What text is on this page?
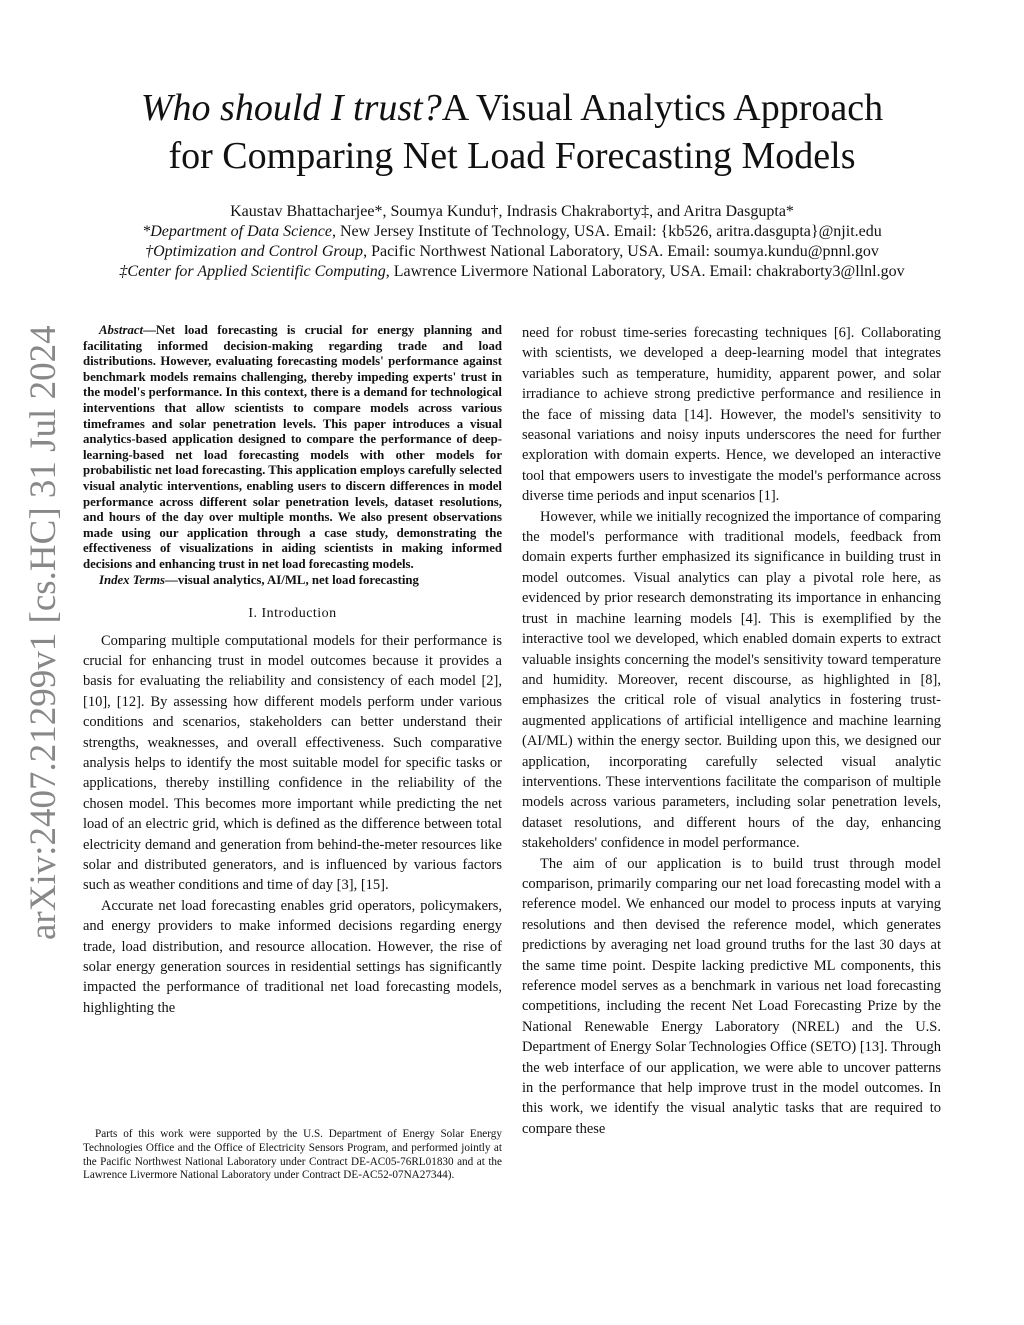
Who should I trust?A Visual Analytics Approach
for Comparing Net Load Forecasting Models
Kaustav Bhattacharjee*, Soumya Kundu†, Indrasis Chakraborty‡, and Aritra Dasgupta*
*Department of Data Science, New Jersey Institute of Technology, USA. Email: {kb526, aritra.dasgupta}@njit.edu
†Optimization and Control Group, Pacific Northwest National Laboratory, USA. Email: soumya.kundu@pnnl.gov
‡Center for Applied Scientific Computing, Lawrence Livermore National Laboratory, USA. Email: chakraborty3@llnl.gov
arXiv:2407.21299v1 [cs.HC] 31 Jul 2024	Abstract—Net load forecasting is crucial for energy planning and facilitating informed decision-making regarding trade and load distributions. However, evaluating forecasting models' performance against benchmark models remains challenging, thereby impeding experts' trust in the model's performance. In this context, there is a demand for technological interventions that allow scientists to compare models across various timeframes and solar penetration levels. This paper introduces a visual analytics-based application designed to compare the performance of deep-learning-based net load forecasting models with other models for probabilistic net load forecasting. This application employs carefully selected visual analytic interventions, enabling users to discern differences in model performance across different solar penetration levels, dataset resolutions, and hours of the day over multiple months. We also present observations made using our application through a case study, demonstrating the effectiveness of visualizations in aiding scientists in making informed decisions and enhancing trust in net load forecasting models.

Index Terms—visual analytics, AI/ML, net load forecasting

I. Introduction

Comparing multiple computational models for their performance is crucial for enhancing trust in model outcomes because it provides a basis for evaluating the reliability and consistency of each model [2], [10], [12]. By assessing how different models perform under various conditions and scenarios, stakeholders can better understand their strengths, weaknesses, and overall effectiveness. Such comparative analysis helps to identify the most suitable model for specific tasks or applications, thereby instilling confidence in the reliability of the chosen model. This becomes more important while predicting the net load of an electric grid, which is defined as the difference between total electricity demand and generation from behind-the-meter resources like solar and distributed generators, and is influenced by various factors such as weather conditions and time of day [3], [15].

Accurate net load forecasting enables grid operators, policymakers, and energy providers to make informed decisions regarding energy trade, load distribution, and resource allocation. However, the rise of solar energy generation sources in residential settings has significantly impacted the performance of traditional net load forecasting models, highlighting the

Parts of this work were supported by the U.S. Department of Energy Solar Energy Technologies Office and the Office of Electricity Sensors Program, and performed jointly at the Pacific Northwest National Laboratory under Contract DE-AC05-76RL01830 and at the Lawrence Livermore National Laboratory under Contract DE-AC52-07NA27344).

need for robust time-series forecasting techniques [6]. Collaborating with scientists, we developed a deep-learning model that integrates variables such as temperature, humidity, apparent power, and solar irradiance to achieve strong predictive performance and resilience in the face of missing data [14]. However, the model's sensitivity to seasonal variations and noisy inputs underscores the need for further exploration with domain experts. Hence, we developed an interactive tool that empowers users to investigate the model's performance across diverse time periods and input scenarios [1].

However, while we initially recognized the importance of comparing the model's performance with traditional models, feedback from domain experts further emphasized its significance in building trust in model outcomes. Visual analytics can play a pivotal role here, as evidenced by prior research demonstrating its importance in enhancing trust in machine learning models [4]. This is exemplified by the interactive tool we developed, which enabled domain experts to extract valuable insights concerning the model's sensitivity toward temperature and humidity. Moreover, recent discourse, as highlighted in [8], emphasizes the critical role of visual analytics in fostering trust-augmented applications of artificial intelligence and machine learning (AI/ML) within the energy sector. Building upon this, we designed our application, incorporating carefully selected visual analytic interventions. These interventions facilitate the comparison of multiple models across various parameters, including solar penetration levels, dataset resolutions, and different hours of the day, enhancing stakeholders' confidence in model performance.

The aim of our application is to build trust through model comparison, primarily comparing our net load forecasting model with a reference model. We enhanced our model to process inputs at varying resolutions and then devised the reference model, which generates predictions by averaging net load ground truths for the last 30 days at the same time point. Despite lacking predictive ML components, this reference model serves as a benchmark in various net load forecasting competitions, including the recent Net Load Forecasting Prize by the National Renewable Energy Laboratory (NREL) and the U.S. Department of Energy Solar Technologies Office (SETO) [13]. Through the web interface of our application, we were able to uncover patterns in the performance that help improve trust in the model outcomes. In this work, we identify the visual analytic tasks that are required to compare these
